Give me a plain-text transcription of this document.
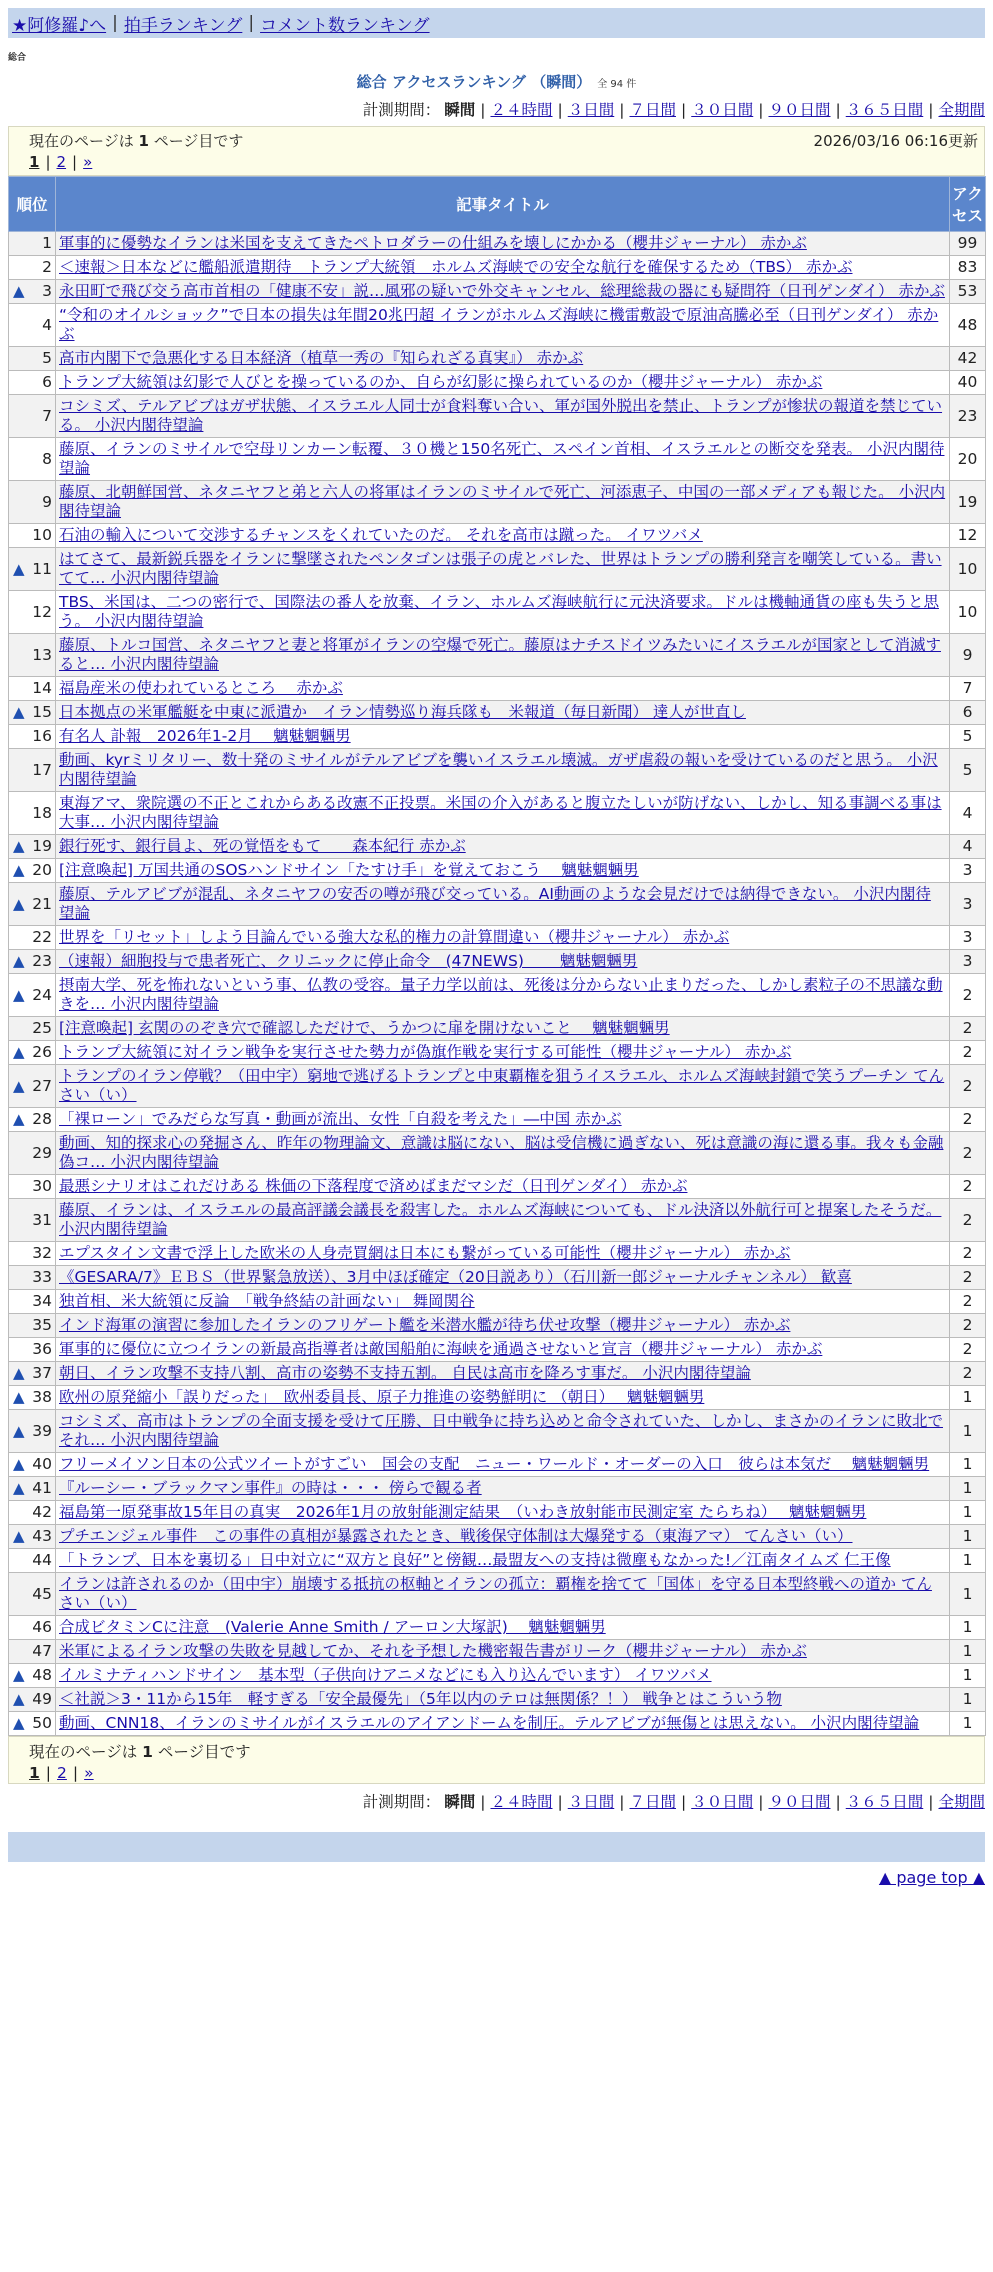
★阿修羅♪へ | 拍手ランキング | コメント数ランキング
総合
総合 アクセスランキング （瞬間） 全 94 件
計測期間： 瞬間 | ２４時間 | ３日間 | ７日間 | ３０日間 | ９０日間 | ３６５日間 | 全期間
現在のページは 1 ページ目です	2026/03/16 06:16更新
1 | 2 | »
順位	記事タイトル	アクセス
1	軍事的に優勢なイランは米国を支えてきたペトロダラーの仕組みを壊しにかかる（櫻井ジャーナル） 赤かぶ	99
2	＜速報＞日本などに艦船派遣期待　トランプ大統領　ホルムズ海峡での安全な航行を確保するため（TBS） 赤かぶ	83

▲ 3	永田町で飛び交う高市首相の「健康不安」説…風邪の疑いで外交キャンセル、総理総裁の器にも疑問符（日刊ゲンダイ） 赤かぶ	53
4	“令和のオイルショック”で日本の損失は年間20兆円超 イランがホルムズ海峡に機雷敷設で原油高騰必至（日刊ゲンダイ） 赤かぶ	48
5	高市内閣下で急悪化する日本経済（植草一秀の『知られざる真実』） 赤かぶ	42
6	トランプ大統領は幻影で人びとを操っているのか、自らが幻影に操られているのか（櫻井ジャーナル） 赤かぶ	40
7	コシミズ、テルアビブはガザ状態、イスラエル人同士が食料奪い合い、軍が国外脱出を禁止、トランプが惨状の報道を禁じている。 小沢内閣待望論	23
8	藤原、イランのミサイルで空母リンカーン転覆、３０機と150名死亡、スペイン首相、イスラエルとの断交を発表。 小沢内閣待望論	20
9	藤原、北朝鮮国営、ネタニヤフと弟と六人の将軍はイランのミサイルで死亡、河添恵子、中国の一部メディアも報じた。 小沢内閣待望論	19
10	石油の輸入について交渉するチャンスをくれていたのだ。 それを高市は蹴った。 イワツバメ	12

▲ 11	はてさて、最新鋭兵器をイランに撃墜されたペンタゴンは張子の虎とバレた、世界はトランプの勝利発言を嘲笑している。書いてて… 小沢内閣待望論	10
12	TBS、米国は、二つの密行で、国際法の番人を放棄、イラン、ホルムズ海峡航行に元決済要求。ドルは機軸通貨の座も失うと思う。 小沢内閣待望論	10
13	藤原、トルコ国営、ネタニヤフと妻と将軍がイランの空爆で死亡。藤原はナチスドイツみたいにイスラエルが国家として消滅すると… 小沢内閣待望論	9
14	福島産米の使われているところ　 赤かぶ	7

▲ 15	日本拠点の米軍艦艇を中東に派遣か　イラン情勢巡り海兵隊も　米報道（毎日新聞） 達人が世直し	6
16	有名人 訃報　2026年1-2月　 魑魅魍魎男	5
17	動画、kyrミリタリー、数十発のミサイルがテルアビブを襲いイスラエル壊滅。ガザ虐殺の報いを受けているのだと思う。 小沢内閣待望論	5
18	東海アマ、衆院選の不正とこれからある改憲不正投票。米国の介入があると腹立たしいが防げない、しかし、知る事調べる事は大事… 小沢内閣待望論	4

▲ 19	銀行死す、銀行員よ、死の覚悟をもて　　森本紀行 赤かぶ	4

▲ 20	[注意喚起] 万国共通のSOSハンドサイン「たすけ手」を覚えておこう　 魑魅魍魎男	3

▲ 21	藤原、テルアビブが混乱、ネタニヤフの安否の噂が飛び交っている。AI動画のような会見だけでは納得できない。 小沢内閣待望論	3
22	世界を「リセット」しよう目論んでいる強大な私的権力の計算間違い（櫻井ジャーナル） 赤かぶ	3

▲ 23	（速報）細胞投与で患者死亡、クリニックに停止命令　(47NEWS)　　 魑魅魍魎男	3

▲ 24	摂南大学、死を怖れないという事、仏教の受容。量子力学以前は、死後は分からない止まりだった、しかし素粒子の不思議な動きを… 小沢内閣待望論	2
25	[注意喚起] 玄関ののぞき穴で確認しただけで、うかつに扉を開けないこと　 魑魅魍魎男	2

▲ 26	トランプ大統領に対イラン戦争を実行させた勢力が偽旗作戦を実行する可能性（櫻井ジャーナル） 赤かぶ	2

▲ 27	トランプのイラン停戦？（田中宇）窮地で逃げるトランプと中東覇権を狙うイスラエル、ホルムズ海峡封鎖で笑うプーチン てんさい（い）	2

▲ 28	「裸ローン」でみだらな写真・動画が流出、女性「自殺を考えた」―中国 赤かぶ	2
29	動画、知的探求心の発掘さん、昨年の物理論文、意識は脳にない、脳は受信機に過ぎない、死は意識の海に還る事。我々も金融偽コ… 小沢内閣待望論	2
30	最悪シナリオはこれだけある 株価の下落程度で済めばまだマシだ（日刊ゲンダイ） 赤かぶ	2
31	藤原、イランは、イスラエルの最高評議会議長を殺害した。ホルムズ海峡についても、ドル決済以外航行可と提案したそうだ。 小沢内閣待望論	2
32	エプスタイン文書で浮上した欧米の人身売買網は日本にも繋がっている可能性（櫻井ジャーナル） 赤かぶ	2
33	《GESARA/7》ＥＢＳ（世界緊急放送）、3月中ほぼ確定（20日説あり）（石川新一郎ジャーナルチャンネル） 歓喜	2
34	独首相、米大統領に反論　「戦争終結の計画ない」 舞岡関谷	2
35	インド海軍の演習に参加したイランのフリゲート艦を米潜水艦が待ち伏せ攻撃（櫻井ジャーナル） 赤かぶ	2
36	軍事的に優位に立つイランの新最高指導者は敵国船舶に海峡を通過させないと宣言（櫻井ジャーナル） 赤かぶ	2

▲ 37	朝日、イラン攻撃不支持八割、高市の姿勢不支持五割。 自民は高市を降ろす事だ。 小沢内閣待望論	2

▲ 38	欧州の原発縮小「誤りだった」　欧州委員長、原子力推進の姿勢鮮明に （朝日）　 魑魅魍魎男	1

▲ 39	コシミズ、高市はトランプの全面支援を受けて圧勝、日中戦争に持ち込めと命令されていた、しかし、まさかのイランに敗北でそれ… 小沢内閣待望論	1

▲ 40	フリーメイソン日本の公式ツイートがすごい　国会の支配　ニュー・ワールド・オーダーの入口　彼らは本気だ　 魑魅魍魎男	1

▲ 41	『ルーシー・ブラックマン事件』の時は・・・ 傍らで観る者	1
42	福島第一原発事故15年目の真実　2026年1月の放射能測定結果　（いわき放射能市民測定室 たらちね）　 魑魅魍魎男	1

▲ 43	プチエンジェル事件　この事件の真相が暴露されたとき、戦後保守体制は大爆発する（東海アマ） てんさい（い）	1
44	「トランプ、日本を裏切る」日中対立に“双方と良好”と傍観…最盟友への支持は微塵もなかった!／江南タイムズ 仁王像	1
45	イランは許されるのか（田中宇）崩壊する抵抗の枢軸とイランの孤立：覇権を捨てて「国体」を守る日本型終戦への道か てんさい（い）	1
46	合成ビタミンCに注意　(Valerie Anne Smith / アーロン大塚訳)　 魑魅魍魎男	1
47	米軍によるイラン攻撃の失敗を見越してか、それを予想した機密報告書がリーク（櫻井ジャーナル） 赤かぶ	1

▲ 48	イルミナティハンドサイン　基本型（子供向けアニメなどにも入り込んでいます） イワツバメ	1

▲ 49	＜社説＞3・11から15年　軽すぎる「安全最優先」（5年以内のテロは無関係？！） 戦争とはこういう物	1

▲ 50	動画、CNN18、イランのミサイルがイスラエルのアイアンドームを制圧。テルアビブが無傷とは思えない。 小沢内閣待望論	1
現在のページは 1 ページ目です
1 | 2 | »
計測期間： 瞬間 | ２４時間 | ３日間 | ７日間 | ３０日間 | ９０日間 | ３６５日間 | 全期間
▲ page top ▲
